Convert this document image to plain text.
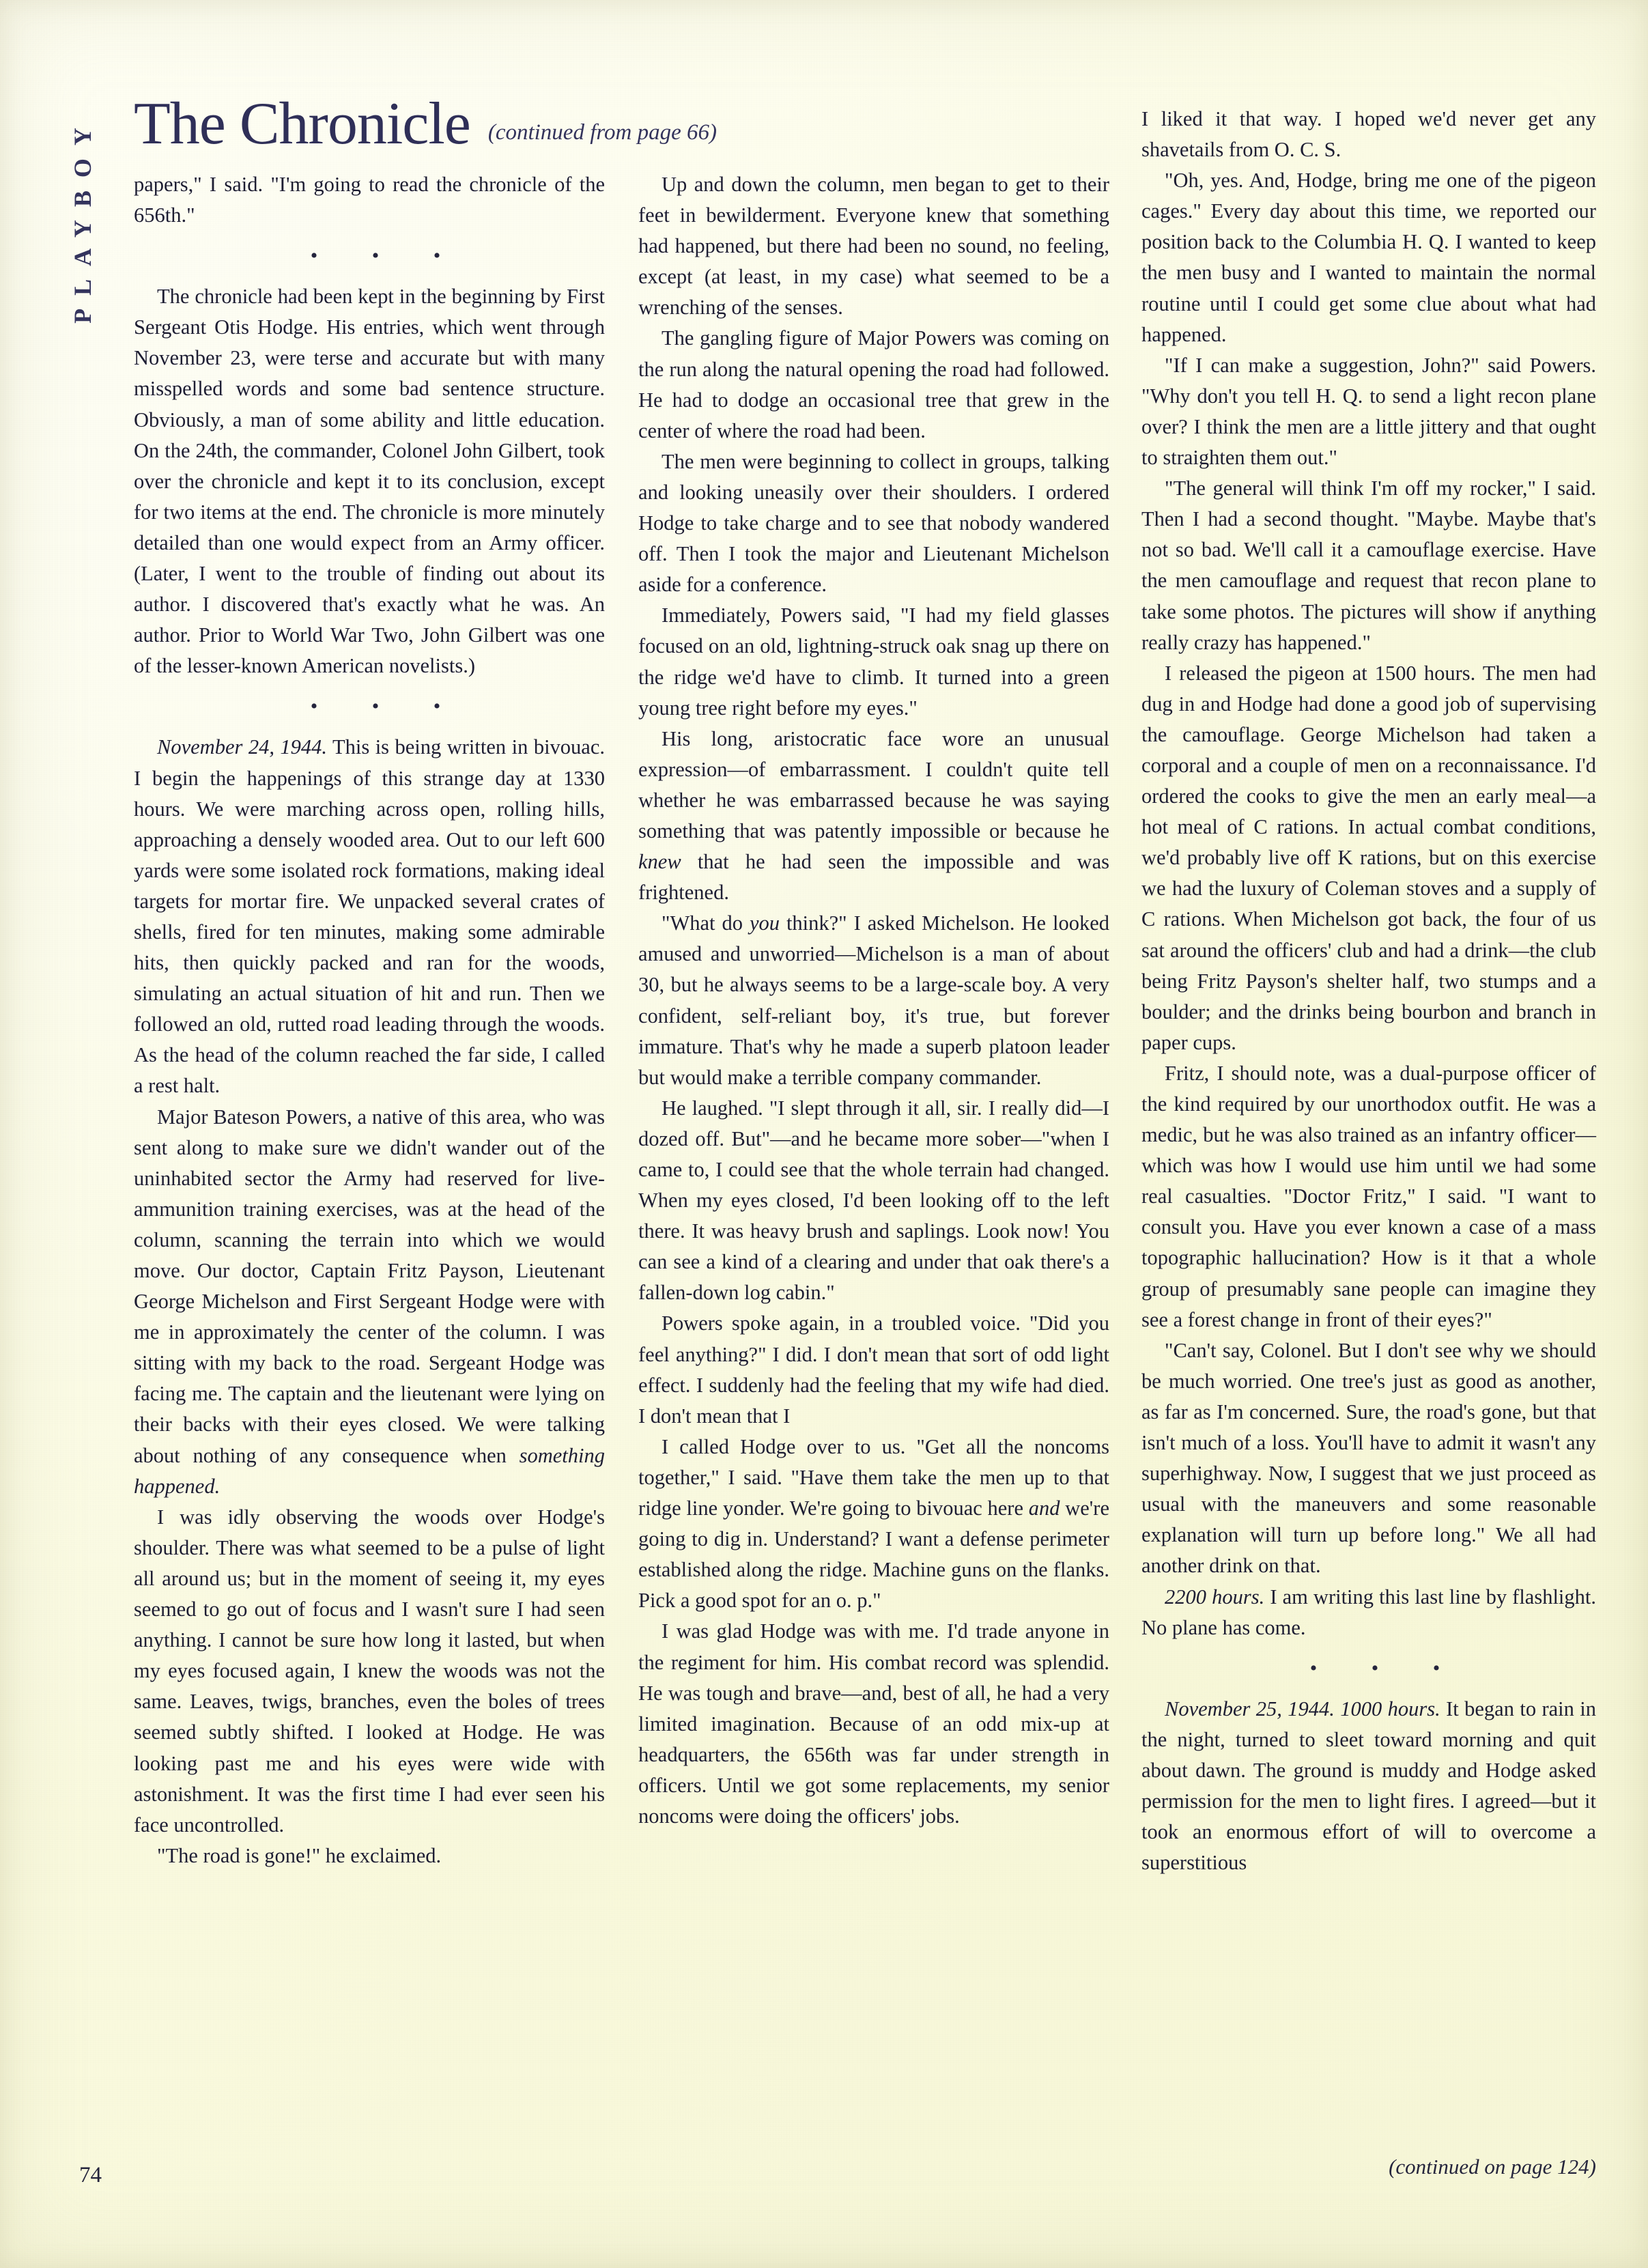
PLAYBOY The Chronicle (continued from page 66)

papers," I said. "I'm going to read the chronicle of the 656th."

• • •

The chronicle had been kept in the beginning by First Sergeant Otis Hodge. His entries, which went through November 23, were terse and accurate but with many misspelled words and some bad sentence structure. Obviously, a man of some ability and little education. On the 24th, the commander, Colonel John Gilbert, took over the chronicle and kept it to its conclusion, except for two items at the end. The chronicle is more minutely detailed than one would expect from an Army officer. (Later, I went to the trouble of finding out about its author. I discovered that's exactly what he was. An author. Prior to World War Two, John Gilbert was one of the lesser-known American novelists.)

• • •

November 24, 1944. This is being written in bivouac. I begin the happenings of this strange day at 1330 hours. We were marching across open, rolling hills, approaching a densely wooded area. Out to our left 600 yards were some isolated rock formations, making ideal targets for mortar fire. We unpacked several crates of shells, fired for ten minutes, making some admirable hits, then quickly packed and ran for the woods, simulating an actual situation of hit and run. Then we followed an old, rutted road leading through the woods. As the head of the column reached the far side, I called a rest halt.

Major Bateson Powers, a native of this area, who was sent along to make sure we didn't wander out of the uninhabited sector the Army had reserved for live-ammunition training exercises, was at the head of the column, scanning the terrain into which we would move. Our doctor, Captain Fritz Payson, Lieutenant George Michelson and First Sergeant Hodge were with me in approximately the center of the column. I was sitting with my back to the road. Sergeant Hodge was facing me. The captain and the lieutenant were lying on their backs with their eyes closed. We were talking about nothing of any consequence when something happened.

I was idly observing the woods over Hodge's shoulder. There was what seemed to be a pulse of light all around us; but in the moment of seeing it, my eyes seemed to go out of focus and I wasn't sure I had seen anything. I cannot be sure how long it lasted, but when my eyes focused again, I knew the woods was not the same. Leaves, twigs, branches, even the boles of trees seemed subtly shifted. I looked at Hodge. He was looking past me and his eyes were wide with astonishment. It was the first time I had ever seen his face uncontrolled.

"The road is gone!" he exclaimed.

Up and down the column, men began to get to their feet in bewilderment. Everyone knew that something had happened, but there had been no sound, no feeling, except (at least, in my case) what seemed to be a wrenching of the senses.

The gangling figure of Major Powers was coming on the run along the natural opening the road had followed. He had to dodge an occasional tree that grew in the center of where the road had been.

The men were beginning to collect in groups, talking and looking uneasily over their shoulders. I ordered Hodge to take charge and to see that nobody wandered off. Then I took the major and Lieutenant Michelson aside for a conference.

Immediately, Powers said, "I had my field glasses focused on an old, lightning-struck oak snag up there on the ridge we'd have to climb. It turned into a green young tree right before my eyes."

His long, aristocratic face wore an unusual expression—of embarrassment. I couldn't quite tell whether he was embarrassed because he was saying something that was patently impossible or because he knew that he had seen the impossible and was frightened.

"What do you think?" I asked Michelson. He looked amused and unworried—Michelson is a man of about 30, but he always seems to be a large-scale boy. A very confident, self-reliant boy, it's true, but forever immature. That's why he made a superb platoon leader but would make a terrible company commander.

He laughed. "I slept through it all, sir. I really did—I dozed off. But"—and he became more sober—"when I came to, I could see that the whole terrain had changed. When my eyes closed, I'd been looking off to the left there. It was heavy brush and saplings. Look now! You can see a kind of a clearing and under that oak there's a fallen-down log cabin."

Powers spoke again, in a troubled voice. "Did you feel anything?" I did. I don't mean that sort of odd light effect. I suddenly had the feeling that my wife had died. I don't mean that I

I called Hodge over to us. "Get all the noncoms together," I said. "Have them take the men up to that ridge line yonder. We're going to bivouac here and we're going to dig in. Understand? I want a defense perimeter established along the ridge. Machine guns on the flanks. Pick a good spot for an o. p."

I was glad Hodge was with me. I'd trade anyone in the regiment for him. His combat record was splendid. He was tough and brave—and, best of all, he had a very limited imagination. Because of an odd mix-up at headquarters, the 656th was far under strength in officers. Until we got some replacements, my senior noncoms were doing the officers' jobs.

I liked it that way. I hoped we'd never get any shavetails from O. C. S.

"Oh, yes. And, Hodge, bring me one of the pigeon cages." Every day about this time, we reported our position back to the Columbia H. Q. I wanted to keep the men busy and I wanted to maintain the normal routine until I could get some clue about what had happened.

"If I can make a suggestion, John?" said Powers. "Why don't you tell H. Q. to send a light recon plane over? I think the men are a little jittery and that ought to straighten them out."

"The general will think I'm off my rocker," I said. Then I had a second thought. "Maybe. Maybe that's not so bad. We'll call it a camouflage exercise. Have the men camouflage and request that recon plane to take some photos. The pictures will show if anything really crazy has happened."

I released the pigeon at 1500 hours. The men had dug in and Hodge had done a good job of supervising the camouflage. George Michelson had taken a corporal and a couple of men on a reconnaissance. I'd ordered the cooks to give the men an early meal—a hot meal of C rations. In actual combat conditions, we'd probably live off K rations, but on this exercise we had the luxury of Coleman stoves and a supply of C rations. When Michelson got back, the four of us sat around the officers' club and had a drink—the club being Fritz Payson's shelter half, two stumps and a boulder; and the drinks being bourbon and branch in paper cups.

Fritz, I should note, was a dual-purpose officer of the kind required by our unorthodox outfit. He was a medic, but he was also trained as an infantry officer—which was how I would use him until we had some real casualties. "Doctor Fritz," I said. "I want to consult you. Have you ever known a case of a mass topographic hallucination? How is it that a whole group of presumably sane people can imagine they see a forest change in front of their eyes?"

"Can't say, Colonel. But I don't see why we should be much worried. One tree's just as good as another, as far as I'm concerned. Sure, the road's gone, but that isn't much of a loss. You'll have to admit it wasn't any superhighway. Now, I suggest that we just proceed as usual with the maneuvers and some reasonable explanation will turn up before long." We all had another drink on that.

2200 hours. I am writing this last line by flashlight. No plane has come.

• • •

November 25, 1944. 1000 hours. It began to rain in the night, turned to sleet toward morning and quit about dawn. The ground is muddy and Hodge asked permission for the men to light fires. I agreed—but it took an enormous effort of will to overcome a superstitious

74	(continued on page 124)
